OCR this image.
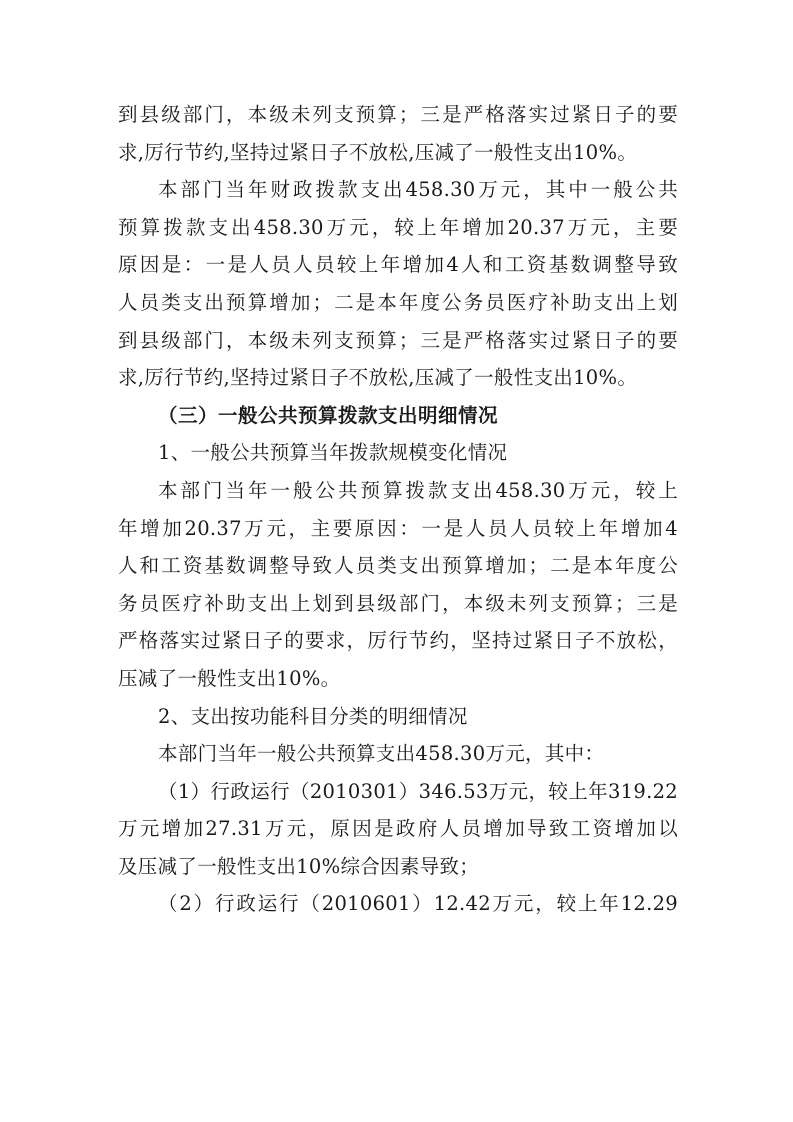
到县级部门，本级未列支预算；三是严格落实过紧日子的要
求,厉行节约,坚持过紧日子不放松,压减了一般性支出10%。
本部门当年财政拨款支出458.30万元，其中一般公共
预算拨款支出458.30万元，较上年增加20.37万元，主要
原因是：一是人员人员较上年增加4人和工资基数调整导致
人员类支出预算增加；二是本年度公务员医疗补助支出上划
到县级部门，本级未列支预算；三是严格落实过紧日子的要
求,厉行节约,坚持过紧日子不放松,压减了一般性支出10%。
（三）一般公共预算拨款支出明细情况
1、一般公共预算当年拨款规模变化情况
本部门当年一般公共预算拨款支出458.30万元，较上
年增加20.37万元，主要原因：一是人员人员较上年增加4
人和工资基数调整导致人员类支出预算增加；二是本年度公
务员医疗补助支出上划到县级部门，本级未列支预算；三是
严格落实过紧日子的要求，厉行节约，坚持过紧日子不放松，
压减了一般性支出10%。
2、支出按功能科目分类的明细情况
本部门当年一般公共预算支出458.30万元，其中：
（1）行政运行（2010301）346.53万元，较上年319.22
万元增加27.31万元，原因是政府人员增加导致工资增加以
及压减了一般性支出10%综合因素导致；
（2）行政运行（2010601）12.42万元，较上年12.29
